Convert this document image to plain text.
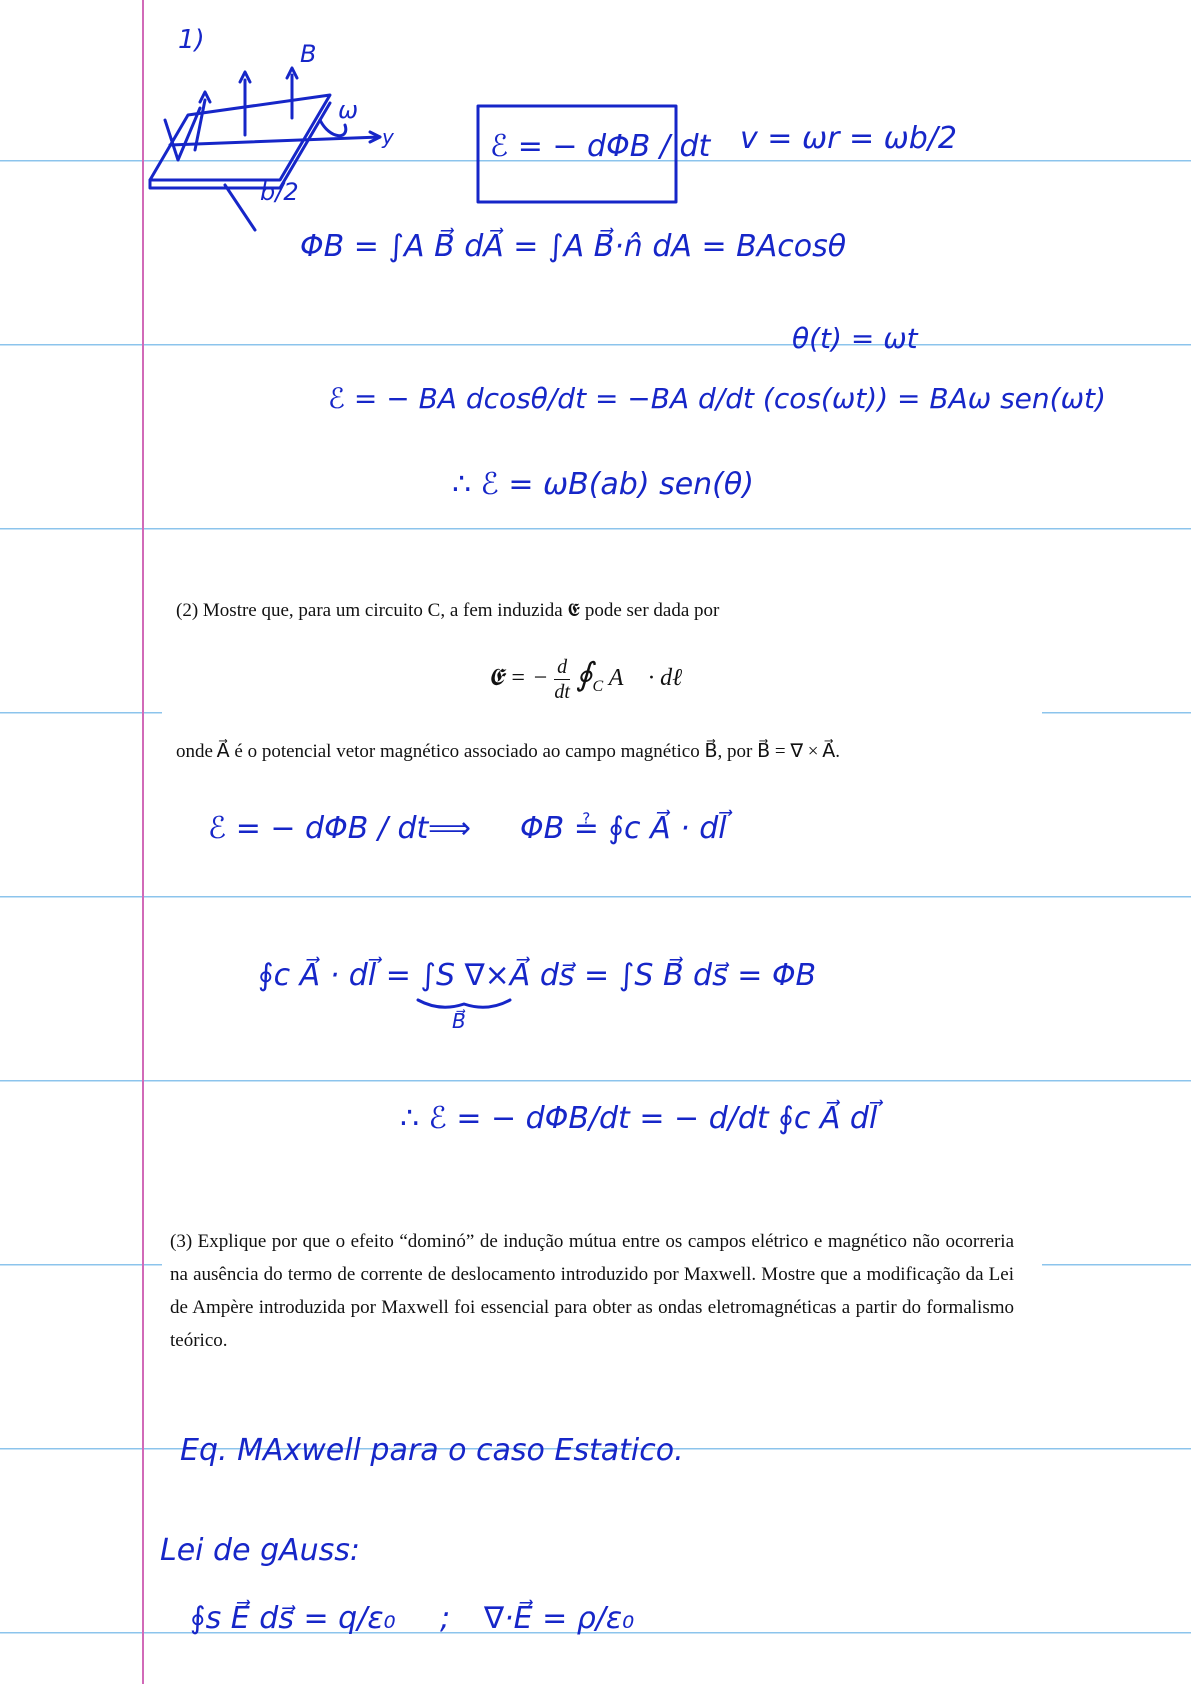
1)	B
ω
y
b/2
ℰ = − dΦB / dt v = ωr = ωb/2
ΦB = ∫A B⃗ dA⃗ = ∫A B⃗·n̂ dA = BAcosθ
θ(t) = ωt
ℰ = − BA dcosθ/dt = −BA d/dt (cos(ωt)) = BAω sen(ωt)
∴ ℰ = ωB(ab) sen(θ)
ℰ = − dΦB / dt ⟹ ΦB ≟ ∮c A⃗ · dl⃗
∮c A⃗ · dl⃗ = ∫S ∇×A⃗ ds⃗ = ∫S B⃗ ds⃗ = ΦB
B⃗
∴ ℰ = − dΦB/dt = − d/dt ∮c A⃗ dl⃗
Eq. MAxwell para o caso Estatico.
Lei de gAuss:
∮s E⃗ ds⃗ = q/ε₀ ; ∇·E⃗ = ρ/ε₀
(2) Mostre que, para um circuito C, a fem induzida 𝕰 pode ser dada por
𝕰 = − $\frac{d}{dt}$ $∮_C$ A⃗ · dℓ⃗
onde A⃗ é o potencial vetor magnético associado ao campo magnético B⃗, por B⃗ = ∇ × A⃗.
(3) Explique por que o efeito “dominó” de indução mútua entre os campos elétrico e magnético não ocorreria na ausência do termo de corrente de deslocamento introduzido por Maxwell. Mostre que a modificação da Lei de Ampère introduzida por Maxwell foi essencial para obter as ondas eletromagnéticas a partir do formalismo teórico.
